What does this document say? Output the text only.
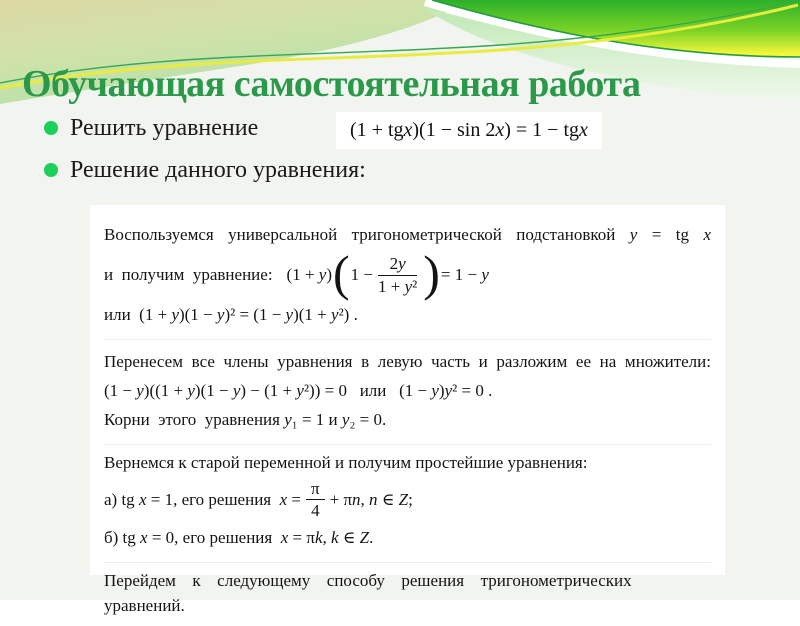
Обучающая самостоятельная работа
Решить уравнение
Решение данного уравнения:
(1 + tg x )(1 − sin 2 x ) = 1 − tg x
Воспользуемся универсальной тригонометрической подстановкой y = tg x
и  получим  уравнение: (1 + y) ( $1 - \frac{2y}{\text{1 + y²}}$ ) = 1 − y
или  (1 + y)(1 − y)² = (1 − y)(1 + y²) .
Перенесем все члены уравнения в левую часть и разложим ее на множители:
(1 − y)((1 + y)(1 − y) − (1 + y²)) = 0   или   (1 − y)y² = 0 .
Корни  этого  уравнения y₁ = 1 и y₂ = 0.
Вернемся к старой переменной и получим простейшие уравнения:
а) tg x = 1, его решения  $x = \frac{\pi}{4} + \pi n$, n ∈ Z;
б) tg x = 0, его решения  x = πk, k ∈ Z.
Перейдем  к  следующему  способу  решения  тригонометрических
уравнений.
